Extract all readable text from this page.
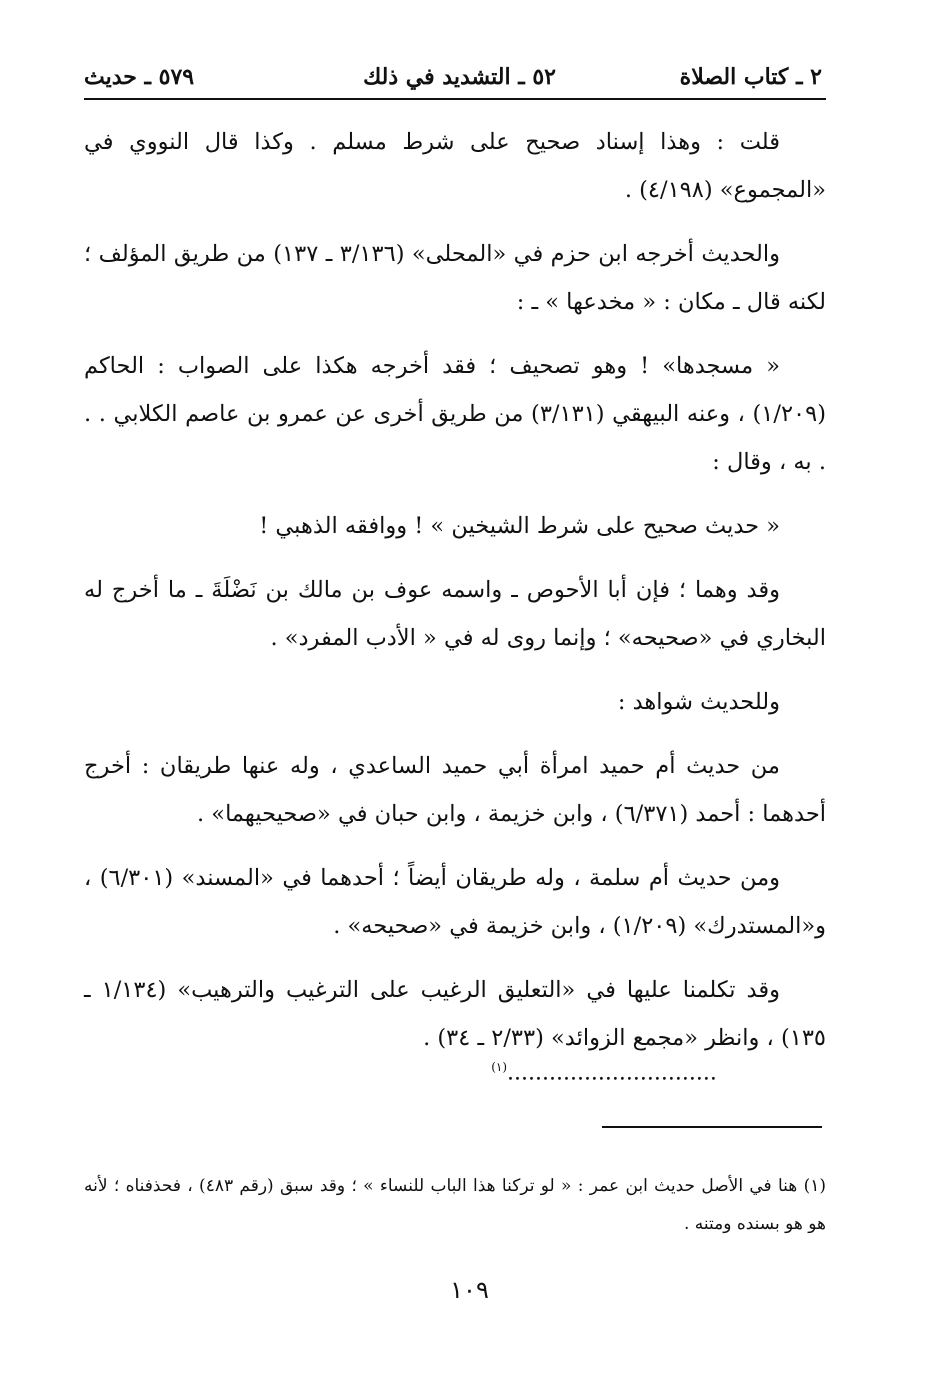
٢ ـ كتاب الصلاة
٥٢ ـ التشديد في ذلك
٥٧٩ ـ حديث

قلت : وهذا إسناد صحيح على شرط مسلم . وكذا قال النووي في «المجموع» (٤/١٩٨) .

والحديث أخرجه ابن حزم في «المحلى» (٣/١٣٦ ـ ١٣٧) من طريق المؤلف ؛ لكنه قال ـ مكان : « مخدعها » ـ :

« مسجدها» ! وهو تصحيف ؛ فقد أخرجه هكذا على الصواب : الحاكم (١/٢٠٩) ، وعنه البيهقي (٣/١٣١) من طريق أخرى عن عمرو بن عاصم الكلابي . . . به ، وقال :

« حديث صحيح على شرط الشيخين » ! ووافقه الذهبي !

وقد وهما ؛ فإن أبا الأحوص ـ واسمه عوف بن مالك بن نَضْلَةَ ـ ما أخرج له البخاري في «صحيحه» ؛ وإنما روى له في « الأدب المفرد» .

وللحديث شواهد :

من حديث أم حميد امرأة أبي حميد الساعدي ، وله عنها طريقان : أخرج أحدهما : أحمد (٦/٣٧١) ، وابن خزيمة ، وابن حبان في «صحيحيهما» .

ومن حديث أم سلمة ، وله طريقان أيضاً ؛ أحدهما في «المسند» (٦/٣٠١) ، و«المستدرك» (١/٢٠٩) ، وابن خزيمة في «صحيحه» .

وقد تكلمنا عليها في «التعليق الرغيب على الترغيب والترهيب» (١/١٣٤ ـ ١٣٥) ، وانظر «مجمع الزوائد» (٢/٣٣ ـ ٣٤) .

..............................$^{(١)}$

(١) هنا في الأصل حديث ابن عمر : « لو تركنا هذا الباب للنساء » ؛ وقد سبق (رقم ٤٨٣) ، فحذفناه ؛ لأنه هو هو بسنده ومتنه .

١٠٩
